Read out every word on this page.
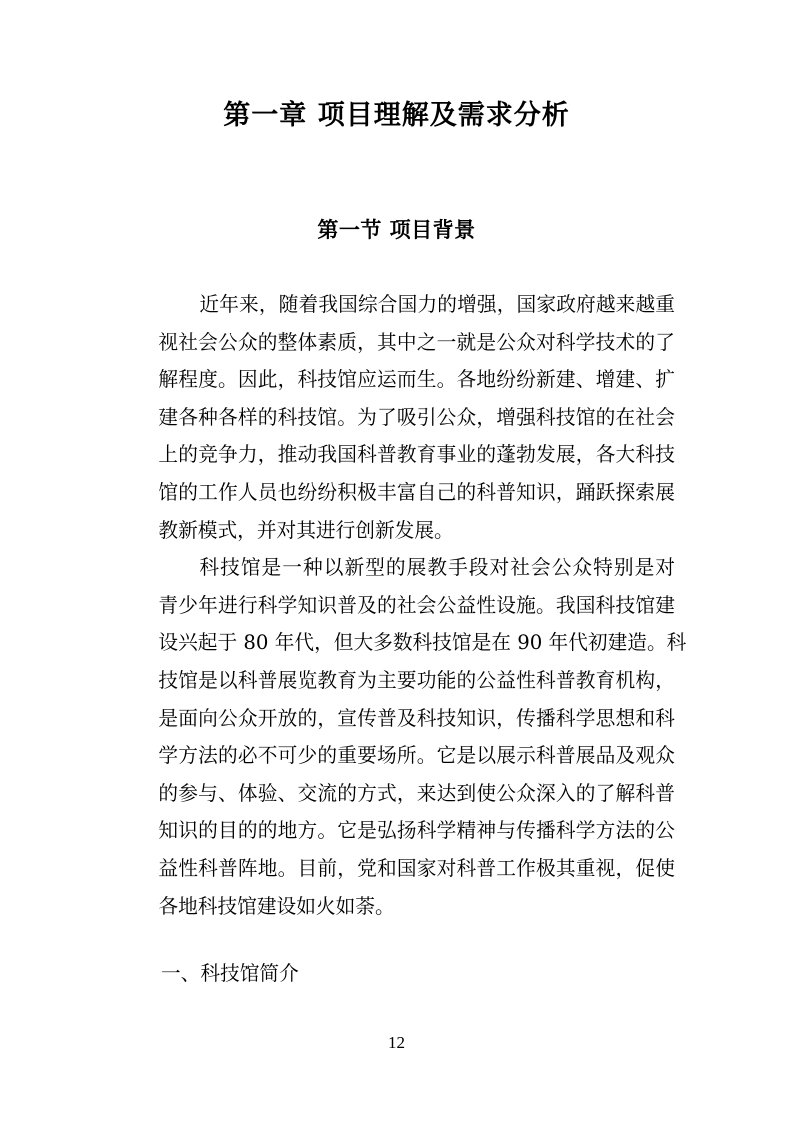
第一章 项目理解及需求分析
第一节 项目背景

近年来，随着我国综合国力的增强，国家政府越来越重
视社会公众的整体素质，其中之一就是公众对科学技术的了
解程度。因此，科技馆应运而生。各地纷纷新建、增建、扩
建各种各样的科技馆。为了吸引公众，增强科技馆的在社会
上的竞争力，推动我国科普教育事业的蓬勃发展，各大科技
馆的工作人员也纷纷积极丰富自己的科普知识，踊跃探索展
教新模式，并对其进行创新发展。

科技馆是一种以新型的展教手段对社会公众特别是对
青少年进行科学知识普及的社会公益性设施。我国科技馆建
设兴起于 80 年代，但大多数科技馆是在 90 年代初建造。科
技馆是以科普展览教育为主要功能的公益性科普教育机构，
是面向公众开放的，宣传普及科技知识，传播科学思想和科
学方法的必不可少的重要场所。它是以展示科普展品及观众
的参与、体验、交流的方式，来达到使公众深入的了解科普
知识的目的的地方。它是弘扬科学精神与传播科学方法的公
益性科普阵地。目前，党和国家对科普工作极其重视，促使
各地科技馆建设如火如荼。

一、科技馆简介
12
